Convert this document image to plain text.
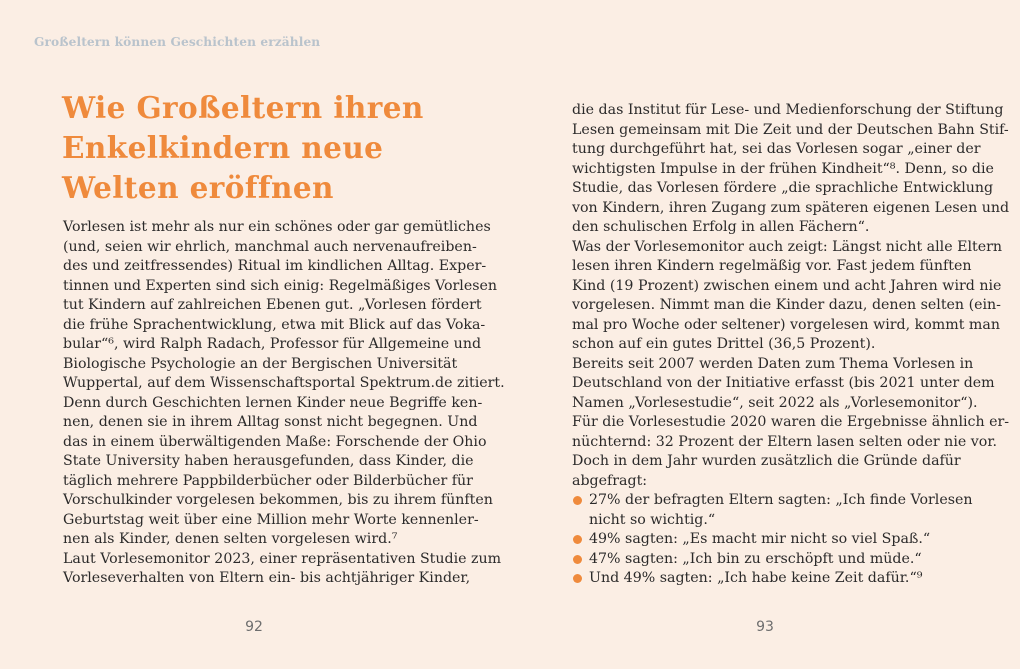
Großeltern können Geschichten erzählen
Wie Großeltern ihren
Enkelkindern neue
Welten eröffnen
Vorlesen ist mehr als nur ein schönes oder gar gemütliches
(und, seien wir ehrlich, manchmal auch nervenaufreiben-
des und zeitfressendes) Ritual im kindlichen Alltag. Exper-
tinnen und Experten sind sich einig: Regelmäßiges Vorlesen
tut Kindern auf zahlreichen Ebenen gut. „Vorlesen fördert
die frühe Sprachentwicklung, etwa mit Blick auf das Voka-
bular“⁶, wird Ralph Radach, Professor für Allgemeine und
Biologische Psychologie an der Bergischen Universität
Wuppertal, auf dem Wissenschaftsportal Spektrum.de zitiert.
Denn durch Geschichten lernen Kinder neue Begriffe ken-
nen, denen sie in ihrem Alltag sonst nicht begegnen. Und
das in einem überwältigenden Maße: Forschende der Ohio
State University haben herausgefunden, dass Kinder, die
täglich mehrere Pappbilderbücher oder Bilderbücher für
Vorschulkinder vorgelesen bekommen, bis zu ihrem fünften
Geburtstag weit über eine Million mehr Worte kennenler-
nen als Kinder, denen selten vorgelesen wird.⁷
Laut Vorlesemonitor 2023, einer repräsentativen Studie zum
Vorleseverhalten von Eltern ein- bis achtjähriger Kinder,
92
die das Institut für Lese- und Medienforschung der Stiftung
Lesen gemeinsam mit Die Zeit und der Deutschen Bahn Stif-
tung durchgeführt hat, sei das Vorlesen sogar „einer der
wichtigsten Impulse in der frühen Kindheit“⁸. Denn, so die
Studie, das Vorlesen fördere „die sprachliche Entwicklung
von Kindern, ihren Zugang zum späteren eigenen Lesen und
den schulischen Erfolg in allen Fächern“.
Was der Vorlesemonitor auch zeigt: Längst nicht alle Eltern
lesen ihren Kindern regelmäßig vor. Fast jedem fünften
Kind (19 Prozent) zwischen einem und acht Jahren wird nie
vorgelesen. Nimmt man die Kinder dazu, denen selten (ein-
mal pro Woche oder seltener) vorgelesen wird, kommt man
schon auf ein gutes Drittel (36,5 Prozent).
Bereits seit 2007 werden Daten zum Thema Vorlesen in
Deutschland von der Initiative erfasst (bis 2021 unter dem
Namen „Vorlesestudie“, seit 2022 als „Vorlesemonitor“).
Für die Vorlesestudie 2020 waren die Ergebnisse ähnlich er-
nüchternd: 32 Prozent der Eltern lasen selten oder nie vor.
Doch in dem Jahr wurden zusätzlich die Gründe dafür
abgefragt:
27% der befragten Eltern sagten: „Ich finde Vorlesen
nicht so wichtig.“
49% sagten: „Es macht mir nicht so viel Spaß.“
47% sagten: „Ich bin zu erschöpft und müde.“
Und 49% sagten: „Ich habe keine Zeit dafür.“⁹
93
